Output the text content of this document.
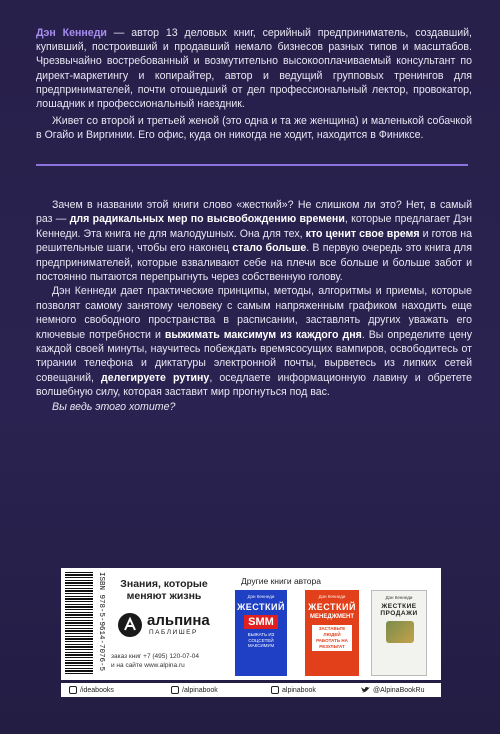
Дэн Кеннеди — автор 13 деловых книг, серийный предприниматель, создавший, купивший, построивший и продавший немало бизнесов разных типов и масштабов. Чрезвычайно востребованный и возмутительно высокооплачиваемый консультант по директ-маркетингу и копирайтер, автор и ведущий групповых тренингов для предпринимателей, почти отошедший от дел профессиональный лектор, провокатор, лошадник и профессиональный наездник.

Живет со второй и третьей женой (это одна и та же женщина) и маленькой собачкой в Огайо и Виргинии. Его офис, куда он никогда не ходит, находится в Финиксе.

Зачем в названии этой книги слово «жесткий»? Не слишком ли это? Нет, в самый раз — для радикальных мер по высвобождению времени, которые предлагает Дэн Кеннеди. Эта книга не для малодушных. Она для тех, кто ценит свое время и готов на решительные шаги, чтобы его наконец стало больше. В первую очередь это книга для предпринимателей, которые взваливают себе на плечи все больше и больше забот и постоянно пытаются перепрыгнуть через собственную голову.

Дэн Кеннеди дает практические принципы, методы, алгоритмы и приемы, которые позволят самому занятому человеку с самым напряженным графиком находить еще немного свободного пространства в расписании, заставлять других уважать его ключевые потребности и выжимать максимум из каждого дня. Вы определите цену каждой своей минуты, научитесь побеждать времясосущих вампиров, освободитесь от тирании телефона и диктатуры электронной почты, вырветесь из липких сетей совещаний, делегируете рутину, оседлаете информационную лавину и обретете волшебную силу, которая заставит мир прогнуться под вас.

Вы ведь этого хотите?

ISBN 978-5-9614-7076-5	Знания, которые меняют жизнь
альпина
ПАБЛИШЕР
заказ книг +7 (495) 120-07-04
и на сайте www.alpina.ru
Другие книги автора
Дэн Кеннеди
ЖЕСТКИЙ
SMM
ВЫЖАТЬ ИЗ СОЦСЕТЕЙ МАКСИМУМ
Дэн Кеннеди
ЖЕСТКИЙ
МЕНЕДЖМЕНТ
ЗАСТАВЬТЕ ЛЮДЕЙ РАБОТАТЬ НА РЕЗУЛЬТАТ
Дэн Кеннеди
ЖЕСТКИЕ ПРОДАЖИ
/ideabooks	/alpinabook	alpinabook	@AlpinaBookRu
